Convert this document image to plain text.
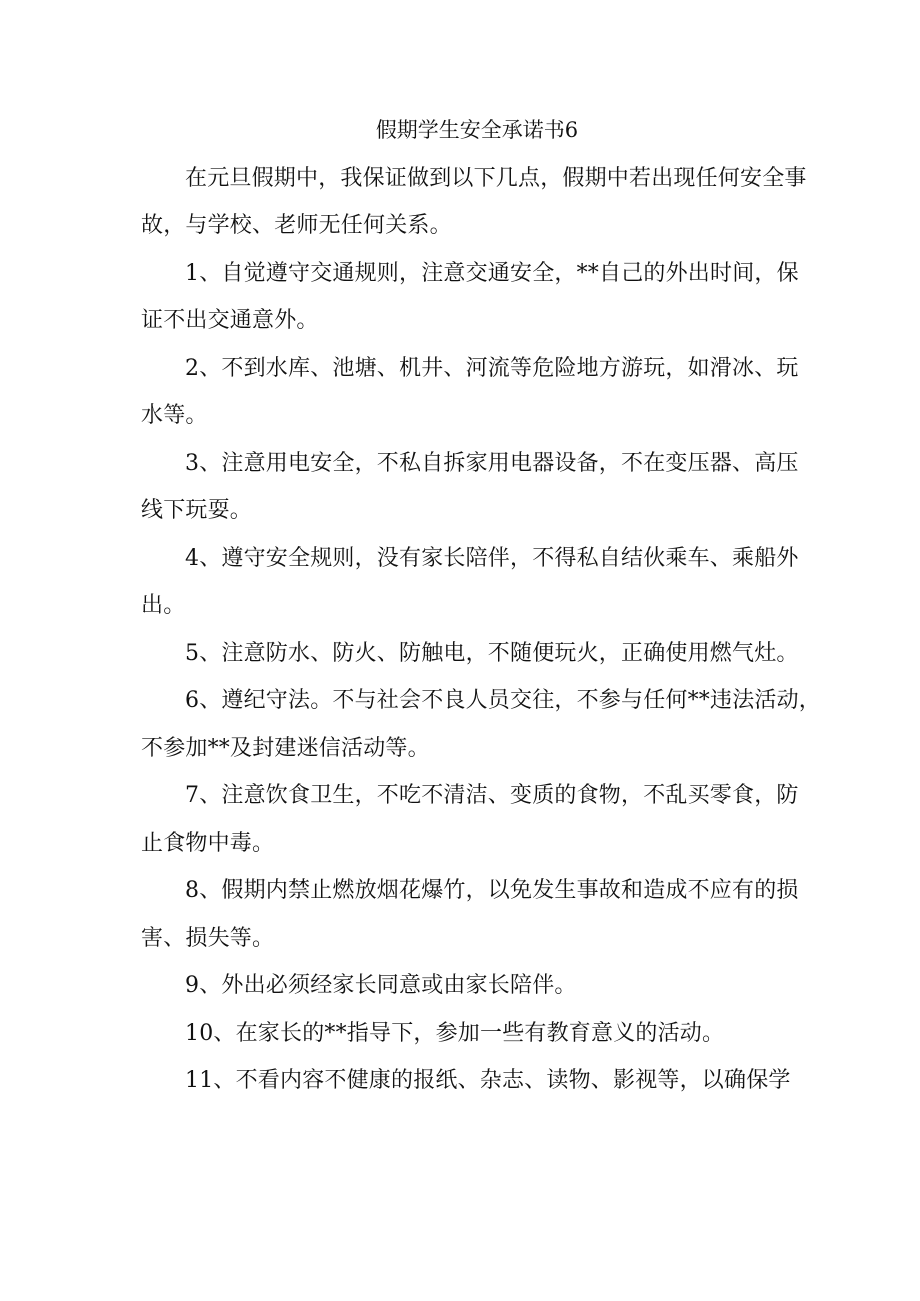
假期学生安全承诺书6
在元旦假期中，我保证做到以下几点，假期中若出现任何安全事
故，与学校、老师无任何关系。
1、自觉遵守交通规则，注意交通安全，**自己的外出时间，保
证不出交通意外。
2、不到水库、池塘、机井、河流等危险地方游玩，如滑冰、玩
水等。
3、注意用电安全，不私自拆家用电器设备，不在变压器、高压
线下玩耍。
4、遵守安全规则，没有家长陪伴，不得私自结伙乘车、乘船外
出。
5、注意防水、防火、防触电，不随便玩火，正确使用燃气灶。
6、遵纪守法。不与社会不良人员交往，不参与任何**违法活动，
不参加**及封建迷信活动等。
7、注意饮食卫生，不吃不清洁、变质的食物，不乱买零食，防
止食物中毒。
8、假期内禁止燃放烟花爆竹，以免发生事故和造成不应有的损
害、损失等。
9、外出必须经家长同意或由家长陪伴。
10、在家长的**指导下，参加一些有教育意义的活动。
11、不看内容不健康的报纸、杂志、读物、影视等，以确保学
